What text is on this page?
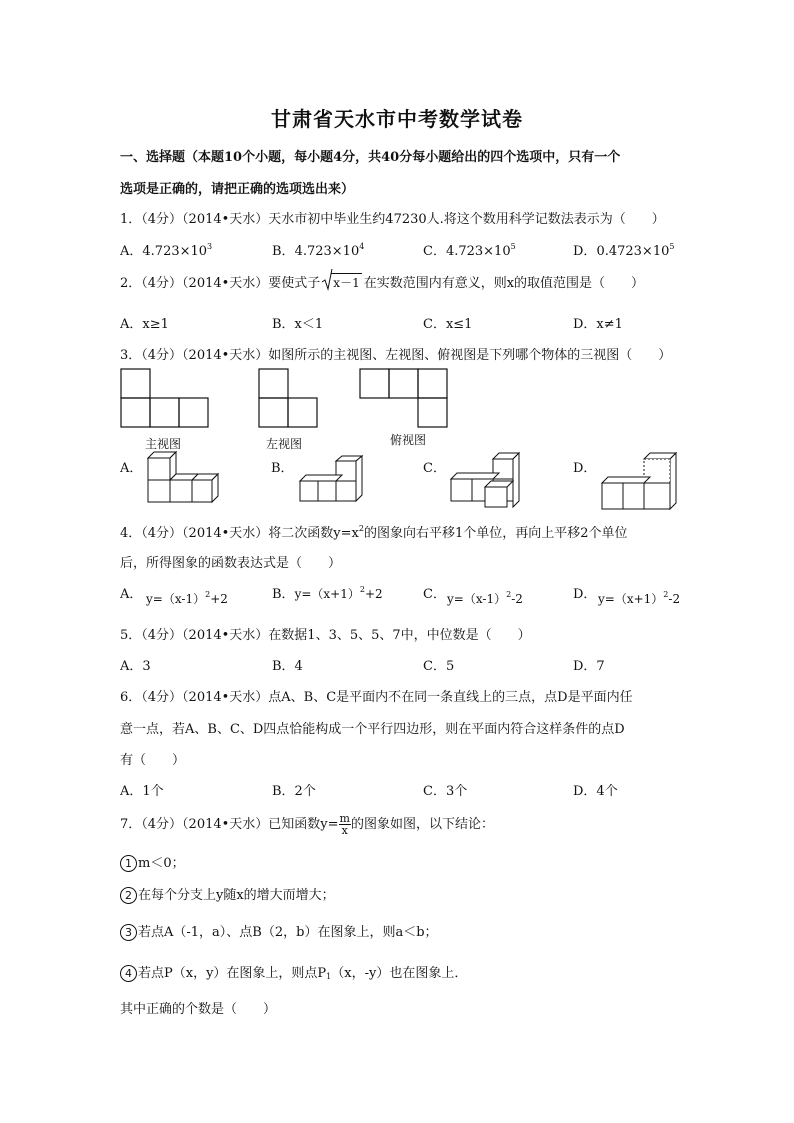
甘肃省天水市中考数学试卷
一、选择题（本题10个小题，每小题4分，共40分每小题给出的四个选项中，只有一个
选项是正确的，请把正确的选项选出来）
1．（4分）（2014•天水）天水市初中毕业生约47230人.将这个数用科学记数法表示为（　　）
A．$4.723\times 10^3$	B．$4.723\times 10^4$	C．$4.723\times 10^5$	D．$0.4723\times 10^5$
2．（4分）（2014•天水）要使式子 x－1 在实数范围内有意义，则x的取值范围是（　　）
A．x≥1	B．x＜1	C．x≤1	D．x≠1
3．（4分）（2014•天水）如图所示的主视图、左视图、俯视图是下列哪个物体的三视图（　　）
主视图	左视图	俯视图
A．	B．	C．	D．
4．（4分）（2014•天水）将二次函数$y=x^2$的图象向右平移1个单位，再向上平移2个单位
后，所得图象的函数表达式是（　　）
A． $y=(x-1)^2+2$	B．$y=(x+1)^2+2$	C． $y=(x-1)^2-2$	D． $y=(x+1)^2-2$
5．（4分）（2014•天水）在数据1、3、5、5、7中，中位数是（　　）
A．3	B．4	C．5	D．7
6．（4分）（2014•天水）点A、B、C是平面内不在同一条直线上的三点，点D是平面内任
意一点，若A、B、C、D四点恰能构成一个平行四边形，则在平面内符合这样条件的点D
有（　　）
A．1个	B．2个	C．3个	D．4个
7．（4分）（2014•天水）已知函数$y= \frac{m}{x}$ 的图象如图，以下结论：
1 m＜0；
2 在每个分支上y随x的增大而增大；
3 若点A（-1，a）、点B（2，b）在图象上，则a＜b；
4 若点P（x，y）在图象上，则点$P_1(x$，-y）也在图象上．
其中正确的个数是（　　）
